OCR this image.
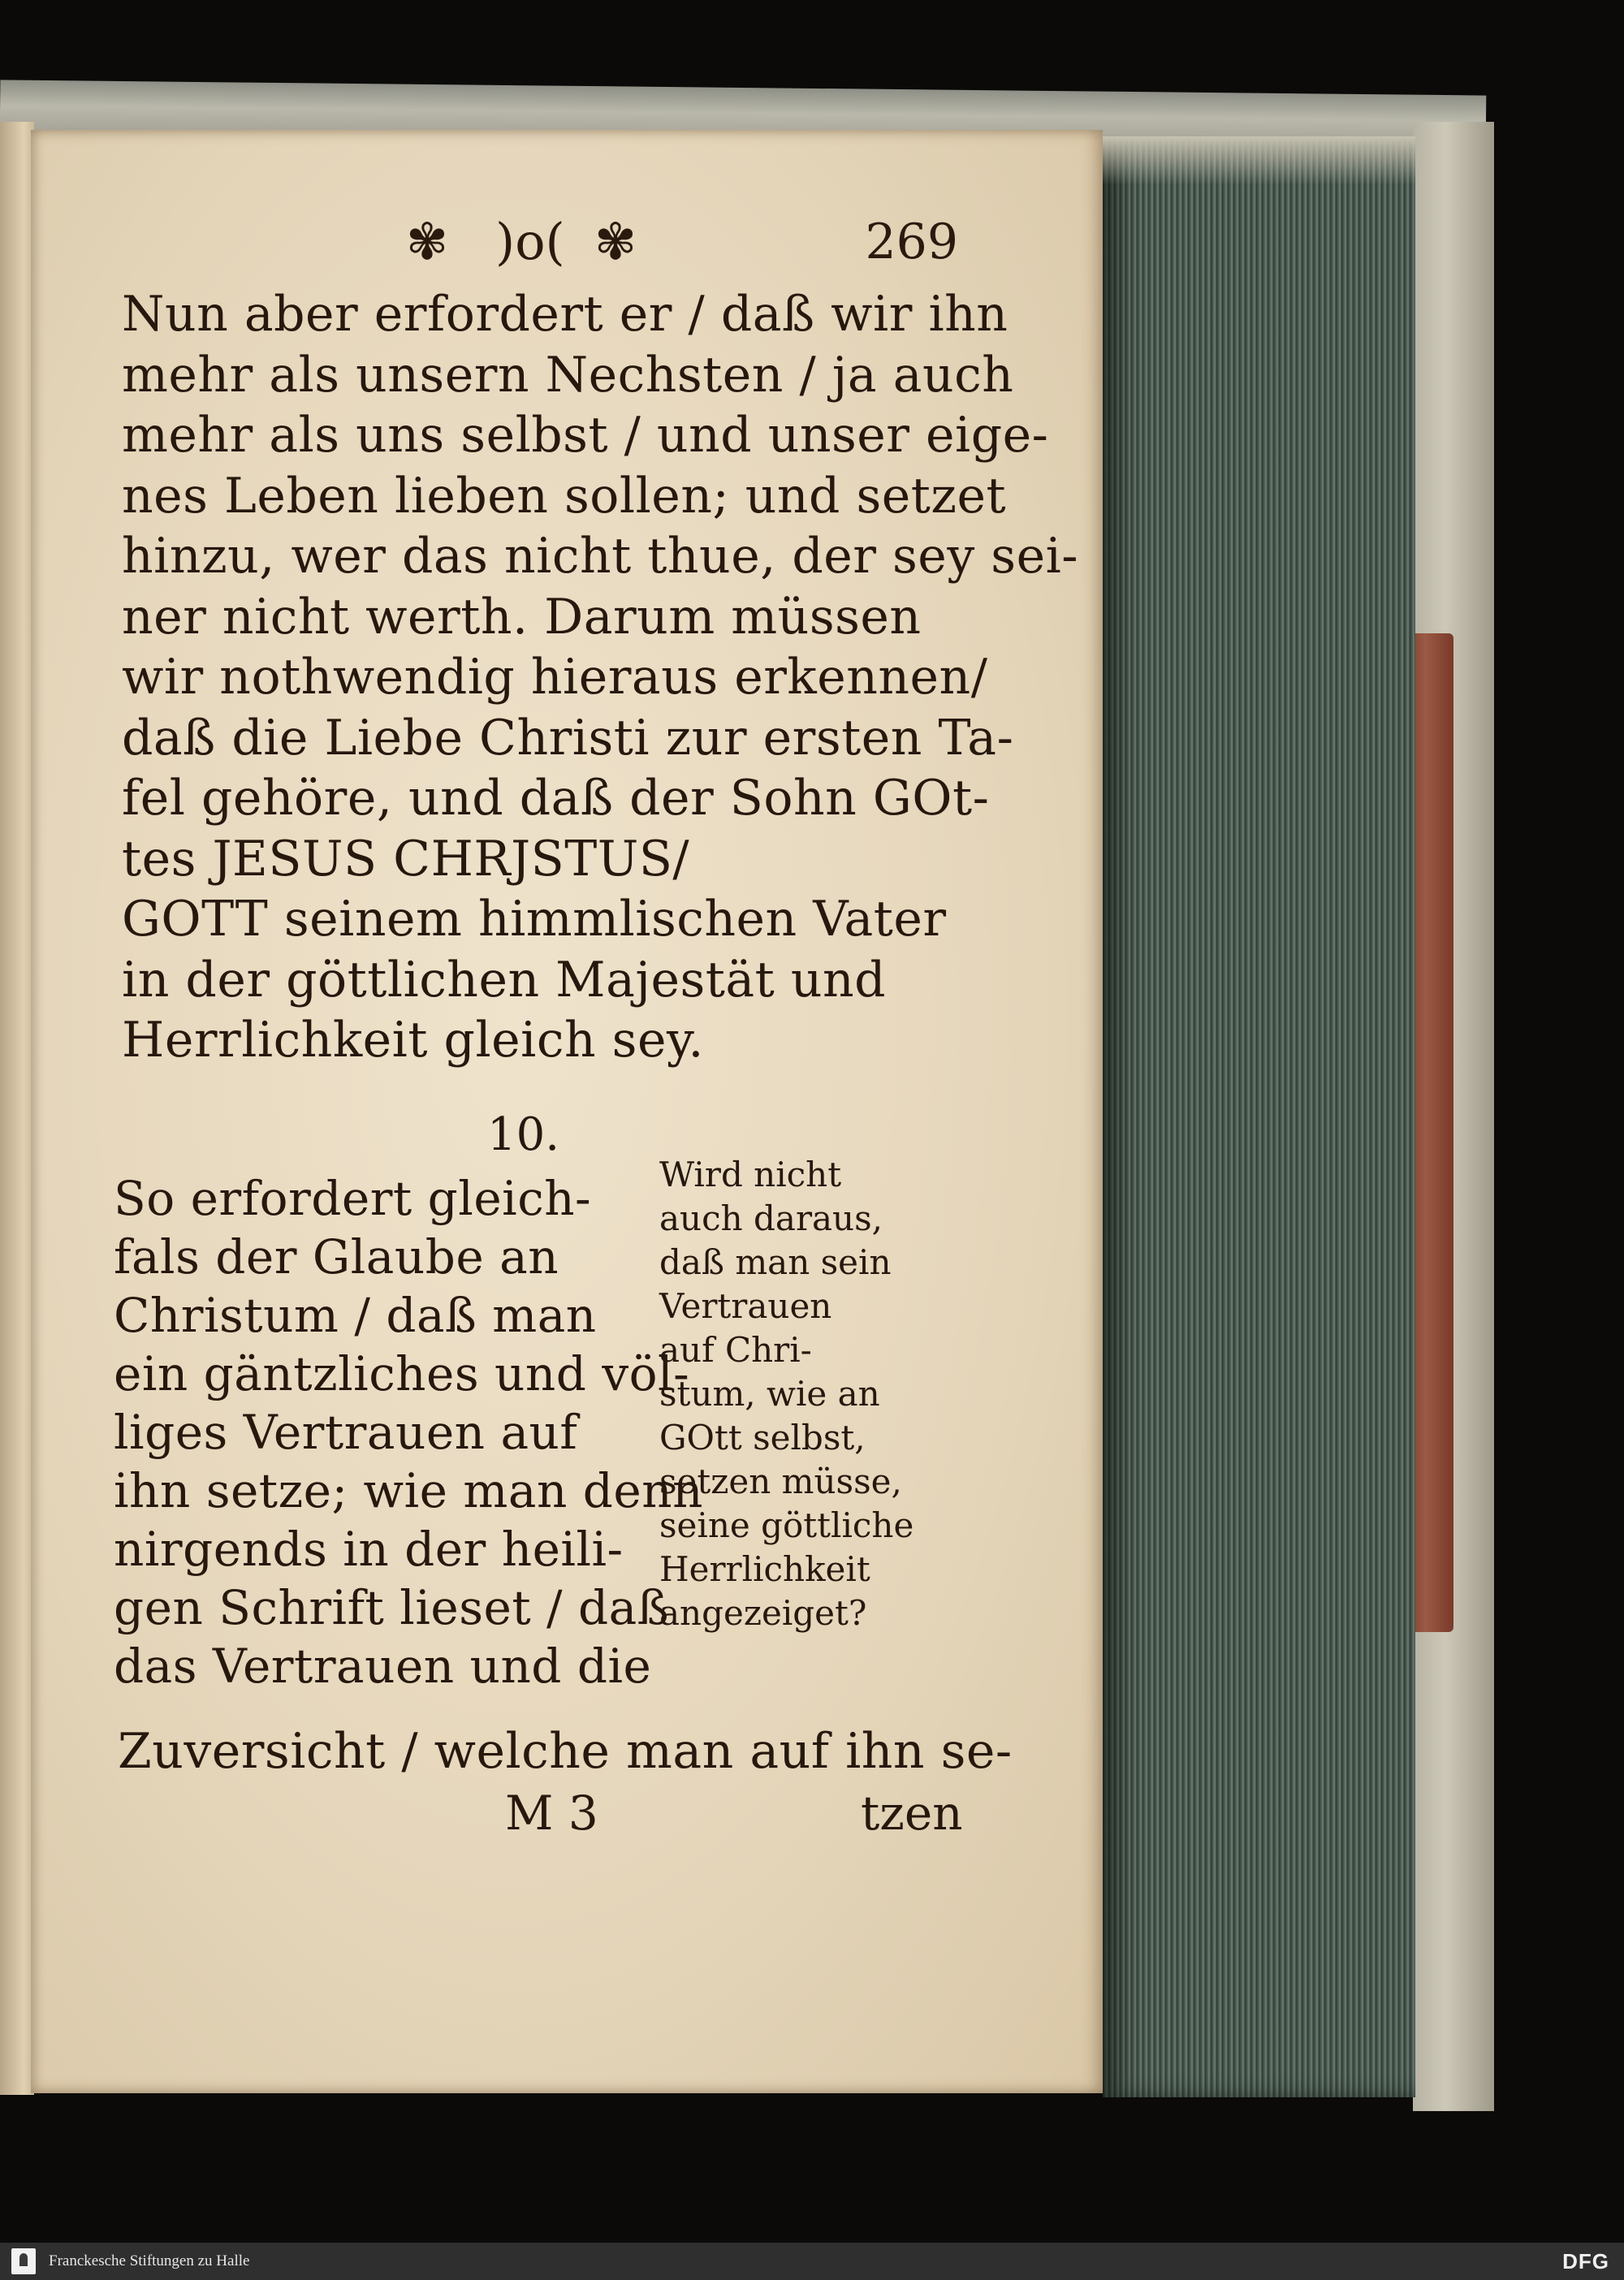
✾ )o( ✾	269
Nun aber erfordert er / daß wir ihn
mehr als unsern Nechsten / ja auch
mehr als uns selbst / und unser eige-
nes Leben lieben sollen; und setzet
hinzu, wer das nicht thue, der sey sei-
ner nicht werth. Darum müssen
wir nothwendig hieraus erkennen/
daß die Liebe Christi zur ersten Ta-
fel gehöre, und daß der Sohn GOt-
tes JESUS CHRJSTUS/
GOTT seinem himmlischen Vater
in der göttlichen Majestät und
Herrlichkeit gleich sey.
10.
So erfordert gleich-
fals der Glaube an
Christum / daß man
ein gäntzliches und völ-
liges Vertrauen auf
ihn setze; wie man denn
nirgends in der heili-
gen Schrift lieset / daß
das Vertrauen und die
Wird nicht
auch daraus,
daß man sein
Vertrauen
auf Chri-
stum, wie an
GOtt selbst,
setzen müsse,
seine göttliche
Herrlichkeit
angezeiget?
Zuversicht / welche man auf ihn se-
M 3	tzen
Franckesche Stiftungen zu Halle	DFG
